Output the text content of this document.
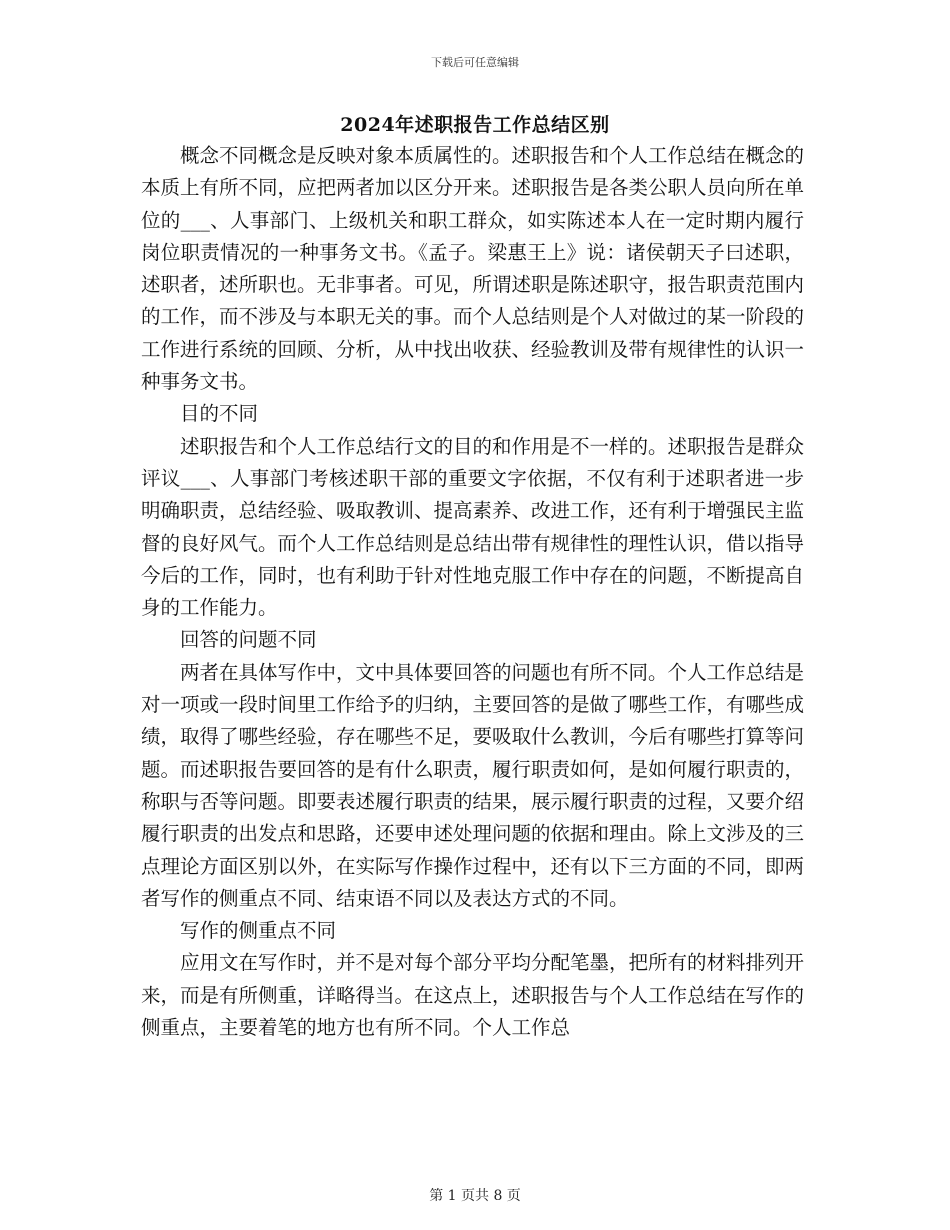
下载后可任意编辑
2024年述职报告工作总结区别

概念不同概念是反映对象本质属性的。述职报告和个人工作总结在概念的本质上有所不同，应把两者加以区分开来。述职报告是各类公职人员向所在单位的___、人事部门、上级机关和职工群众，如实陈述本人在一定时期内履行岗位职责情况的一种事务文书。《孟子。梁惠王上》说：诸侯朝天子曰述职，述职者，述所职也。无非事者。可见，所谓述职是陈述职守，报告职责范围内的工作，而不涉及与本职无关的事。而个人总结则是个人对做过的某一阶段的工作进行系统的回顾、分析，从中找出收获、经验教训及带有规律性的认识一种事务文书。

目的不同

述职报告和个人工作总结行文的目的和作用是不一样的。述职报告是群众评议___、人事部门考核述职干部的重要文字依据，不仅有利于述职者进一步明确职责，总结经验、吸取教训、提高素养、改进工作，还有利于增强民主监督的良好风气。而个人工作总结则是总结出带有规律性的理性认识，借以指导今后的工作，同时，也有利助于针对性地克服工作中存在的问题，不断提高自身的工作能力。

回答的问题不同

两者在具体写作中，文中具体要回答的问题也有所不同。个人工作总结是对一项或一段时间里工作给予的归纳，主要回答的是做了哪些工作，有哪些成绩，取得了哪些经验，存在哪些不足，要吸取什么教训，今后有哪些打算等问题。而述职报告要回答的是有什么职责，履行职责如何，是如何履行职责的，称职与否等问题。即要表述履行职责的结果，展示履行职责的过程，又要介绍履行职责的出发点和思路，还要申述处理问题的依据和理由。除上文涉及的三点理论方面区别以外，在实际写作操作过程中，还有以下三方面的不同，即两者写作的侧重点不同、结束语不同以及表达方式的不同。

写作的侧重点不同

应用文在写作时，并不是对每个部分平均分配笔墨，把所有的材料排列开来，而是有所侧重，详略得当。在这点上，述职报告与个人工作总结在写作的侧重点，主要着笔的地方也有所不同。个人工作总

第 1 页共 8 页
